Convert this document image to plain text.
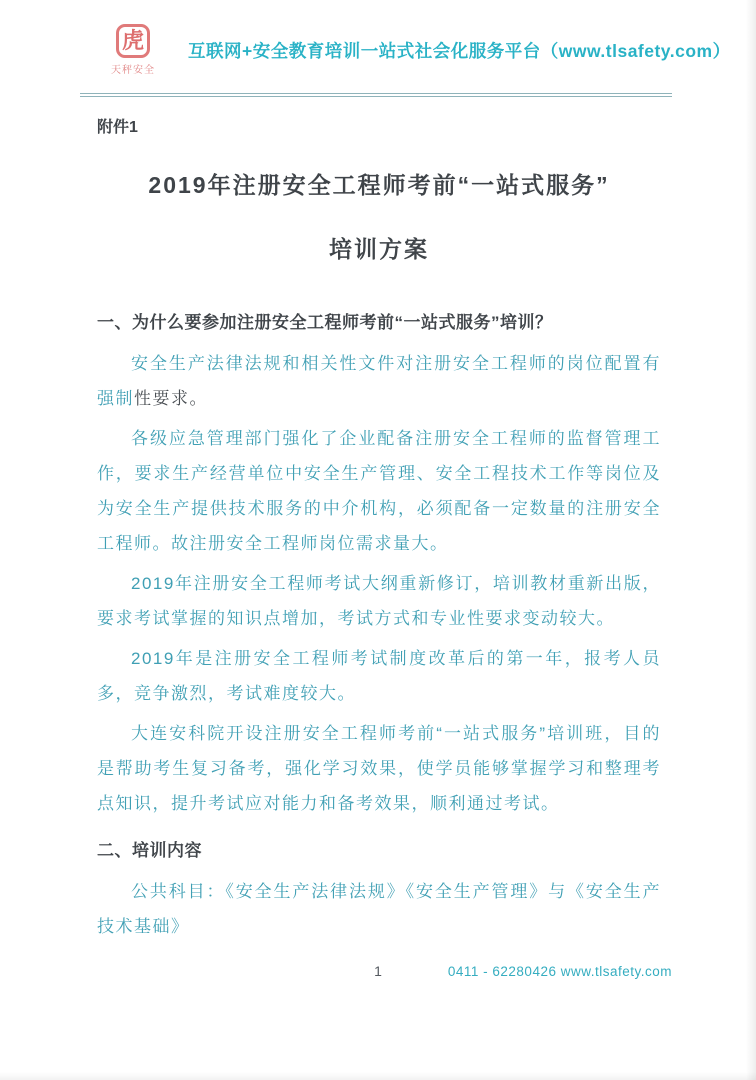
虎
天秤安全
互联网+安全教育培训一站式社会化服务平台（www.tlsafety.com）
附件1
2019年注册安全工程师考前“一站式服务”
培训方案
一、为什么要参加注册安全工程师考前“一站式服务”培训？

安全生产法律法规和相关性文件对注册安全工程师的岗位配置有强制性要求。

各级应急管理部门强化了企业配备注册安全工程师的监督管理工作，要求生产经营单位中安全生产管理、安全工程技术工作等岗位及为安全生产提供技术服务的中介机构，必须配备一定数量的注册安全工程师。故注册安全工程师岗位需求量大。

2019年注册安全工程师考试大纲重新修订，培训教材重新出版，要求考试掌握的知识点增加，考试方式和专业性要求变动较大。

2019年是注册安全工程师考试制度改革后的第一年，报考人员多，竞争激烈，考试难度较大。

大连安科院开设注册安全工程师考前“一站式服务”培训班，目的是帮助考生复习备考，强化学习效果，使学员能够掌握学习和整理考点知识，提升考试应对能力和备考效果，顺利通过考试。

二、培训内容

公共科目：《安全生产法律法规》《安全生产管理》与《安全生产技术基础》

1	0411 - 62280426 www.tlsafety.com
